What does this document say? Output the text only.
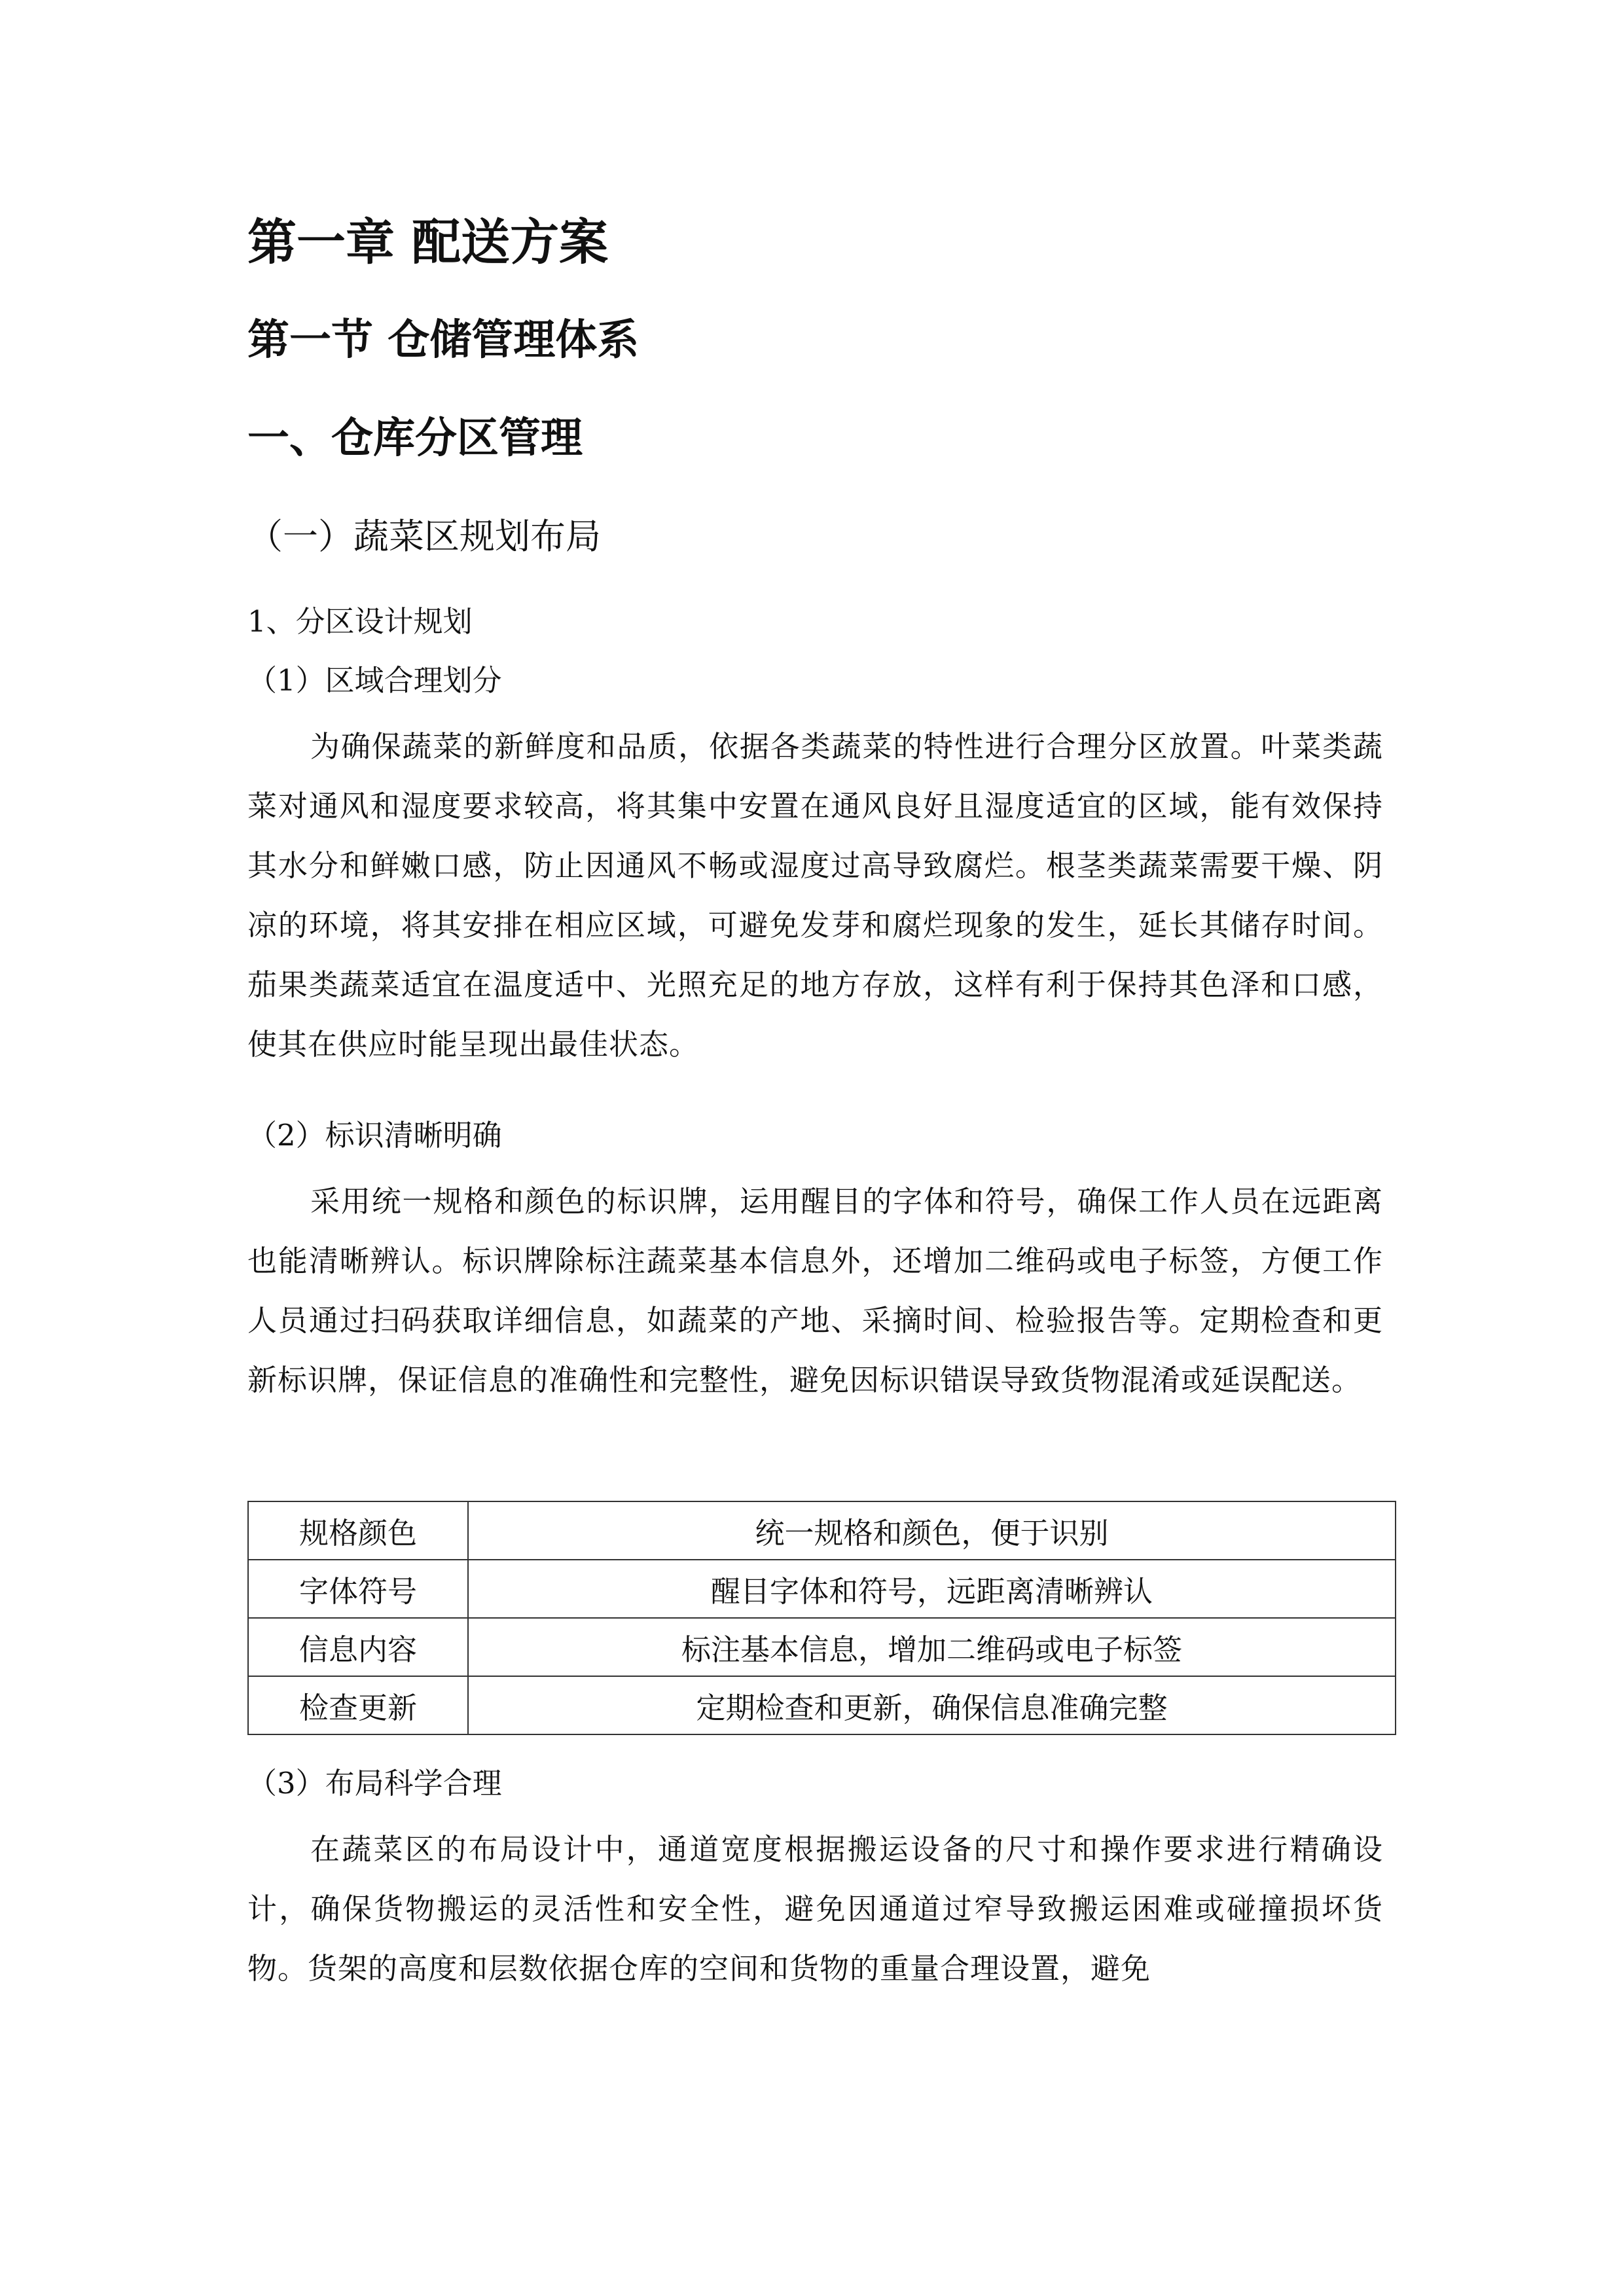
第一章 配送方案
第一节 仓储管理体系
一、仓库分区管理
（一）蔬菜区规划布局
1、分区设计规划
（1）区域合理划分
为确保蔬菜的新鲜度和品质，依据各类蔬菜的特性进行合理分区放置。叶菜类蔬菜对通风和湿度要求较高，将其集中安置在通风良好且湿度适宜的区域，能有效保持其水分和鲜嫩口感，防止因通风不畅或湿度过高导致腐烂。根茎类蔬菜需要干燥、阴凉的环境，将其安排在相应区域，可避免发芽和腐烂现象的发生，延长其储存时间。茄果类蔬菜适宜在温度适中、光照充足的地方存放，这样有利于保持其色泽和口感，使其在供应时能呈现出最佳状态。
（2）标识清晰明确
采用统一规格和颜色的标识牌，运用醒目的字体和符号，确保工作人员在远距离也能清晰辨认。标识牌除标注蔬菜基本信息外，还增加二维码或电子标签，方便工作人员通过扫码获取详细信息，如蔬菜的产地、采摘时间、检验报告等。定期检查和更新标识牌，保证信息的准确性和完整性，避免因标识错误导致货物混淆或延误配送。
规格颜色	统一规格和颜色，便于识别
字体符号	醒目字体和符号，远距离清晰辨认
信息内容	标注基本信息，增加二维码或电子标签
检查更新	定期检查和更新，确保信息准确完整
（3）布局科学合理
在蔬菜区的布局设计中，通道宽度根据搬运设备的尺寸和操作要求进行精确设计，确保货物搬运的灵活性和安全性，避免因通道过窄导致搬运困难或碰撞损坏货物。货架的高度和层数依据仓库的空间和货物的重量合理设置，避免
